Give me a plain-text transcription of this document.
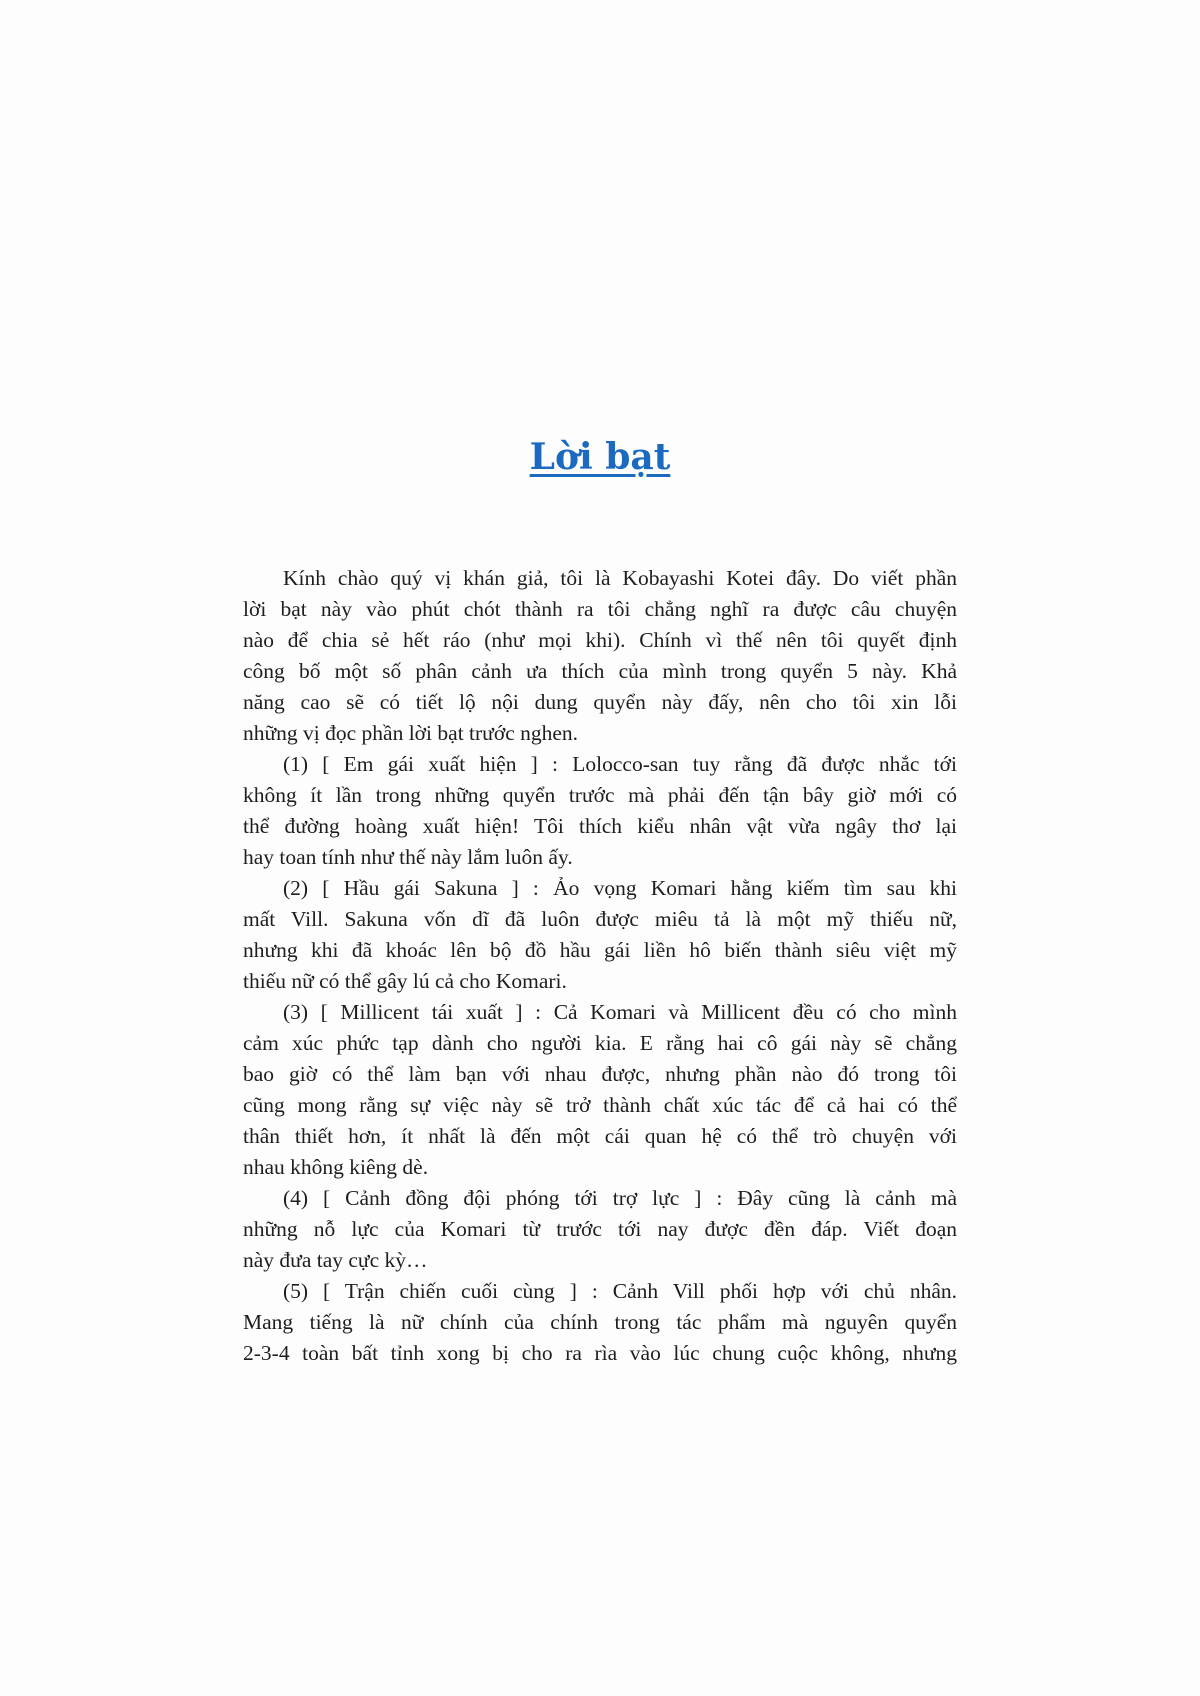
Lời bạt
Kính chào quý vị khán giả, tôi là Kobayashi Kotei đây. Do viết phần
lời bạt này vào phút chót thành ra tôi chẳng nghĩ ra được câu chuyện
nào để chia sẻ hết ráo (như mọi khi). Chính vì thế nên tôi quyết định
công bố một số phân cảnh ưa thích của mình trong quyển 5 này. Khả
năng cao sẽ có tiết lộ nội dung quyển này đấy, nên cho tôi xin lỗi
những vị đọc phần lời bạt trước nghen.
(1) [ Em gái xuất hiện ] : Lolocco-san tuy rằng đã được nhắc tới
không ít lần trong những quyển trước mà phải đến tận bây giờ mới có
thể đường hoàng xuất hiện! Tôi thích kiểu nhân vật vừa ngây thơ lại
hay toan tính như thế này lắm luôn ấy.
(2) [ Hầu gái Sakuna ] : Ảo vọng Komari hằng kiếm tìm sau khi
mất Vill. Sakuna vốn dĩ đã luôn được miêu tả là một mỹ thiếu nữ,
nhưng khi đã khoác lên bộ đồ hầu gái liền hô biến thành siêu việt mỹ
thiếu nữ có thể gây lú cả cho Komari.
(3) [ Millicent tái xuất ] : Cả Komari và Millicent đều có cho mình
cảm xúc phức tạp dành cho người kia. E rằng hai cô gái này sẽ chẳng
bao giờ có thể làm bạn với nhau được, nhưng phần nào đó trong tôi
cũng mong rằng sự việc này sẽ trở thành chất xúc tác để cả hai có thể
thân thiết hơn, ít nhất là đến một cái quan hệ có thể trò chuyện với
nhau không kiêng dè.
(4) [ Cảnh đồng đội phóng tới trợ lực ] : Đây cũng là cảnh mà
những nỗ lực của Komari từ trước tới nay được đền đáp. Viết đoạn
này đưa tay cực kỳ…
(5) [ Trận chiến cuối cùng ] : Cảnh Vill phối hợp với chủ nhân.
Mang tiếng là nữ chính của chính trong tác phẩm mà nguyên quyển
2-3-4 toàn bất tỉnh xong bị cho ra rìa vào lúc chung cuộc không, nhưng
